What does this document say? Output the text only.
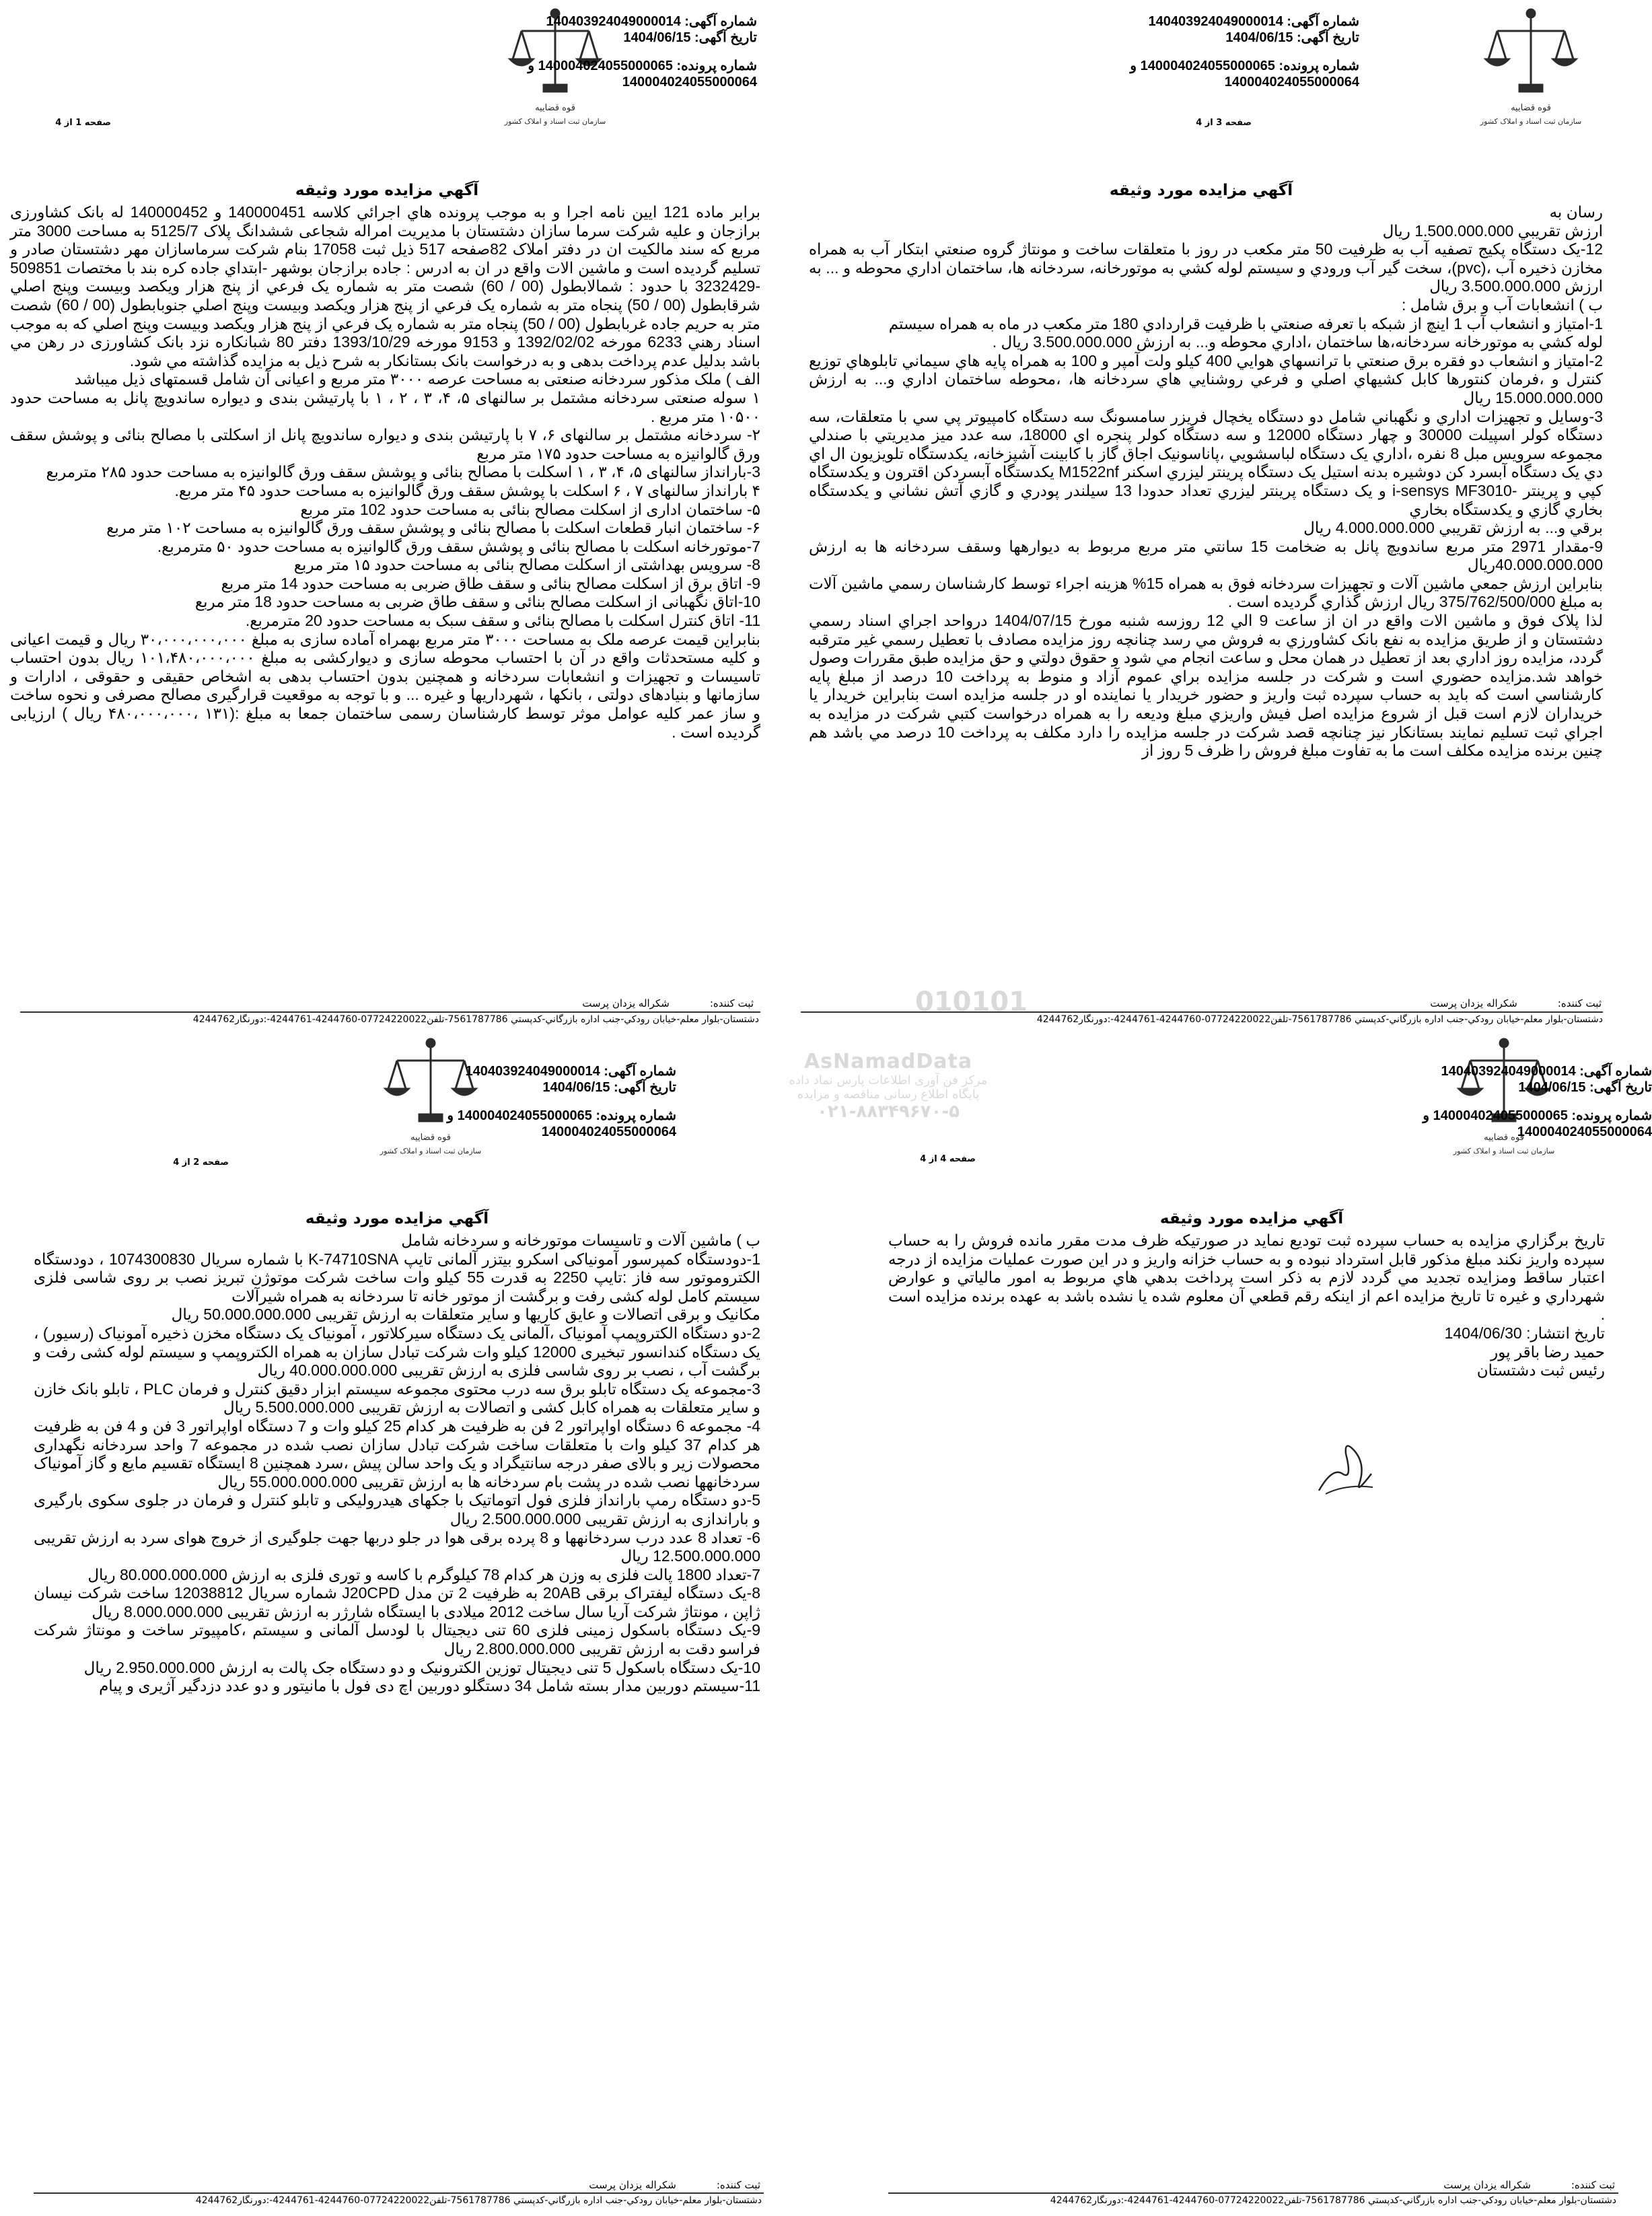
قوه قضاییه
سازمان ثبت اسناد و املاک کشور
شماره آگهی: 140403924049000014
تاریخ آگهی: 1404/06/15
شماره پرونده: 140004024055000065 و
140004024055000064
صفحه 3 از 4
آگهي مزايده مورد وثيقه

رسان به

ارزش تقريبي 1.500.000.000 ريال

12-يک دستگاه پکيج تصفيه آب به ظرفيت 50 متر مکعب در روز با متعلقات ساخت و مونتاژ گروه صنعتي ابتکار آب به همراه مخازن ذخيره آب ،(pvc)، سخت گير آب ورودي و سيستم لوله کشي به موتورخانه، سردخانه ها، ساختمان اداري محوطه و ... به ارزش 3.500.000.000 ريال

ب ) انشعابات آب و برق شامل :

1-امتياز و انشعاب آب 1 اينچ از شبکه با تعرفه صنعتي با ظرفيت قراردادي 180 متر مکعب در ماه به همراه سيستم

لوله کشي به موتورخانه سردخانه،ها ساختمان ،اداري محوطه و... به ارزش 3.500.000.000 ريال .

2-امتياز و انشعاب دو فقره برق صنعتي با ترانسهاي هوايي 400 کيلو ولت آمپر و 100 به همراه پايه هاي سيماني تابلوهاي توزيع کنترل و ،فرمان کنتورها کابل کشيهاي اصلي و فرعي روشنايي هاي سردخانه ها، ،محوطه ساختمان اداري و... به ارزش 15.000.000.000 ريال

3-وسايل و تجهيزات اداري و نگهباني شامل دو دستگاه يخچال فريزر سامسونگ سه دستگاه کامپيوتر پي سي با متعلقات، سه دستگاه کولر اسپيلت 30000 و چهار دستگاه 12000 و سه دستگاه کولر پنجره اي 18000، سه عدد ميز مديريتي با صندلي مجموعه سرويس مبل 8 نفره ،اداري يک دستگاه لباسشويي ،پاناسونيک اجاق گاز با کابينت آشپزخانه، يکدستگاه تلويزيون ال اي دي يک دستگاه آبسرد کن دوشيره بدنه استيل يک دستگاه پرينتر ليزري اسکنر M1522nf يکدستگاه آبسردکن اقترون و يکدستگاه کپي و پرينتر -i-sensys MF3010 و يک دستگاه پرينتر ليزري تعداد حدودا 13 سيلندر پودري و گازي آتش نشاني و يکدستگاه بخاري گازي و يکدستگاه بخاري

برقي و... به ارزش تقريبي 4.000.000.000 ريال

9-مقدار 2971 متر مربع ساندويچ پانل به ضخامت 15 سانتي متر مربع مربوط به ديوارهها وسقف سردخانه ها به ارزش 40.000.000.000ريال

بنابراين ارزش جمعي ماشين آلات و تجهيزات سردخانه فوق به همراه 15% هزينه اجراء توسط کارشناسان رسمي ماشين آلات به مبلغ 375/762/500/000 ريال ارزش گذاري گرديده است .

لذا پلاک فوق و ماشين الات واقع در ان از ساعت 9 الي 12 روزسه شنبه مورخ 1404/07/15 درواحد اجراي اسناد رسمي دشتستان و از طريق مزايده به نفع بانک کشاورزي به فروش مي رسد چنانچه روز مزايده مصادف با تعطيل رسمي غير مترقبه گردد، مزايده روز اداري بعد از تعطيل در همان محل و ساعت انجام مي شود و حقوق دولتي و حق مزايده طبق مقررات وصول خواهد شد.مزايده حضوري است و شرکت در جلسه مزايده براي عموم آزاد و منوط به پرداخت 10 درصد از مبلغ پايه کارشناسي است که بايد به حساب سپرده ثبت واريز و حضور خريدار يا نماينده او در جلسه مزايده است بنابراين خريدار يا خريداران لازم است قبل از شروع مزايده اصل فيش واريزي مبلغ ودیعه را به همراه درخواست کتبي شرکت در مزايده به اجراي ثبت تسليم نمايند بستانکار نيز چنانچه قصد شرکت در جلسه مزايده را دارد مکلف به پرداخت 10 درصد مي باشد هم چنين برنده مزايده مکلف است ما به تفاوت مبلغ فروش را ظرف 5 روز از

ثبت کننده:شکراله یزدان پرست
دشتستان-بلوار معلم-خیابان رودکي-جنب اداره بازرگاني-کدپستي 7561787786-تلفن07724220022-4244760-4244761-:دورنگار4244762
قوه قضاییه
سازمان ثبت اسناد و املاک کشور
شماره آگهی: 140403924049000014
تاریخ آگهی: 1404/06/15
شماره پرونده: 140004024055000065 و
140004024055000064
صفحه 1 از 4
آگهي مزايده مورد وثيقه

برابر ماده 121 ايين نامه اجرا و به موجب پرونده هاي اجرائي كلاسه 140000451 و 140000452 له بانک کشاورزی برازجان و علیه شرکت سرما سازان دشتستان با مدیریت امراله شجاعی ششدانگ پلاک 5125/7 به مساحت 3000 متر مربع كه سند مالكيت ان در دفتر املاک 82صفحه 517 ذيل ثبت 17058 بنام شرکت سرماسازان مهر دشتستان صادر و تسليم گرديده است و ماشين الات واقع در ان به ادرس : جاده برازجان بوشهر -ابتداي جاده كره بند با مختصات 509851 -3232429 با حدود : شمالابطول (00 / 60) شصت متر به شماره يک فرعي از پنج هزار ويکصد وبيست وپنج اصلي شرقابطول (00 / 50) پنجاه متر به شماره يک فرعي از پنج هزار ويکصد وبيست وپنج اصلي جنوبابطول (00 / 60) شصت متر به حريم جاده غربابطول (00 / 50) پنجاه متر به شماره يک فرعي از پنج هزار ويکصد وبيست وپنج اصلي که به موجب اسناد رهني 6233 مورخه 1392/02/02 و 9153 مورخه 1393/10/29 دفتر 80 شبانكاره نزد بانک کشاورزی در رهن مي باشد بدليل عدم پرداخت بدهی و به درخواست بانک بستانكار به شرح ذيل به مزايده گذاشته مي شود.

الف ) ملک مذکور سردخانه صنعتی به مساحت عرصه ۳۰۰۰ متر مربع و اعیانی آن شامل قسمتهای ذیل میباشد

۱ سوله صنعتی سردخانه مشتمل بر سالنهای ۵، ۴، ۳ ، ۲ ، ۱ با پارتیشن بندی و دیواره ساندویچ پانل به مساحت حدود ۱۰۵۰۰ متر مربع .

۲- سردخانه مشتمل بر سالنهای ۶، ۷ با پارتیشن بندی و دیواره ساندویچ پانل از اسکلتی با مصالح بنائی و پوشش سقف ورق گالوانیزه به مساحت حدود ۱۷۵ متر مربع

3-بارانداز سالنهای ۵، ۴، ۳ ، ۱ اسکلت با مصالح بنائی و پوشش سقف ورق گالوانیزه به مساحت حدود ۲۸۵ مترمربع

۴ بارانداز سالنهای ۷ ، ۶ اسکلت با پوشش سقف ورق گالوانیزه به مساحت حدود ۴۵ متر مربع.

۵- ساختمان اداری از اسکلت مصالح بنائی به مساحت حدود 102 متر مربع

۶- ساختمان انبار قطعات اسکلت با مصالح بنائی و پوشش سقف ورق گالوانیزه به مساحت ۱۰۲ متر مربع

7-موتورخانه اسکلت با مصالح بنائی و پوشش سقف ورق گالوانیزه به مساحت حدود ۵۰ مترمربع.

8- سرویس بهداشتی از اسکلت مصالح بنائی به مساحت حدود ۱۵ متر مربع

9- اتاق برق از اسکلت مصالح بنائی و سقف طاق ضربی به مساحت حدود 14 متر مربع

10-اتاق نگهبانی از اسکلت مصالح بنائی و سقف طاق ضربی به مساحت حدود 18 متر مربع

11- اتاق کنترل اسکلت با مصالح بنائی و سقف سبک به مساحت حدود 20 مترمربع.

بنابراین قیمت عرصه ملک به مساحت ۳۰۰۰ متر مربع بهمراه آماده سازی به مبلغ ۳۰،۰۰۰،۰۰۰،۰۰۰ ریال و قیمت اعیانی و کلیه مستحدثات واقع در آن با احتساب محوطه سازی و دیوارکشی به مبلغ ۱۰۱،۴۸۰،۰۰۰،۰۰۰ ریال بدون احتساب تاسیسات و تجهیزات و انشعابات سردخانه و همچنین بدون احتساب بدهی به اشخاص حقیقی و حقوقی ، ادارات و سازمانها و بنیادهای دولتی ، بانکها ، شهرداریها و غیره ... و با توجه به موقعیت قرارگیری مصالح مصرفی و نحوه ساخت و ساز عمر کلیه عوامل موثر توسط کارشناسان رسمی ساختمان جمعا به مبلغ :(۱۳۱ ،۴۸۰،۰۰۰،۰۰۰ ریال ) ارزیابی گردیده است .

ثبت کننده:شکراله یزدان پرست
دشتستان-بلوار معلم-خیابان رودکي-جنب اداره بازرگاني-کدپستي 7561787786-تلفن07724220022-4244760-4244761-:دورنگار4244762
قوه قضاییه
سازمان ثبت اسناد و املاک کشور
شماره آگهی: 140403924049000014
تاریخ آگهی: 1404/06/15
شماره پرونده: 140004024055000065 و
140004024055000064
صفحه 4 از 4
آگهي مزايده مورد وثيقه

تاريخ برگزاري مزايده به حساب سپرده ثبت توديع نمايد در صورتيکه ظرف مدت مقرر مانده فروش را به حساب سپرده واريز نکند مبلغ مذکور قابل استرداد نبوده و به حساب خزانه واريز و در اين صورت عمليات مزايده از درجه اعتبار ساقط ومزايده تجديد مي گردد لازم به ذکر است پرداخت بدهي هاي مربوط به امور مالياتي و عوارض شهرداري و غيره تا تاريخ مزايده اعم از اينکه رقم قطعي آن معلوم شده يا نشده باشد به عهده برنده مزايده است .

تاريخ انتشار: 1404/06/30

حميد رضا باقر پور

رئيس ثبت دشتستان

ثبت کننده:شکراله یزدان پرست
دشتستان-بلوار معلم-خیابان رودکي-جنب اداره بازرگاني-کدپستي 7561787786-تلفن07724220022-4244760-4244761-:دورنگار4244762
قوه قضاییه
سازمان ثبت اسناد و املاک کشور
شماره آگهی: 140403924049000014
تاریخ آگهی: 1404/06/15
شماره پرونده: 140004024055000065 و
140004024055000064
صفحه 2 از 4
آگهي مزايده مورد وثيقه

ب ) ماشین آلات و تاسیسات موتورخانه و سردخانه شامل

1-دودستگاه کمپرسور آمونیاکی اسکرو بیتزر آلمانی تایپ K-74710SNA با شماره سریال 1074300830 ، دودستگاه الکتروموتور سه فاز :تایپ 2250 به قدرت 55 کیلو وات ساخت شرکت موتوژن تبریز نصب بر روی شاسی فلزی سیستم کامل لوله کشی رفت و برگشت از موتور خانه تا سردخانه به همراه شیرآلات

مکانیک و برقی اتصالات و عایق کاریها و سایر متعلقات به ارزش تقریبی 50.000.000.000 ریال

2-دو دستگاه الکتروپمپ آمونیاک ،آلمانی یک دستگاه سیرکلاتور ، آمونیاک یک دستگاه مخزن ذخیره آمونیاک (رسیور) ، یک دستگاه کندانسور تبخیری 12000 کیلو وات شرکت تبادل سازان به همراه الکتروپمپ و سیستم لوله کشی رفت و برگشت آب ، نصب بر روی شاسی فلزی به ارزش تقریبی 40.000.000.000 ریال

3-مجموعه یک دستگاه تابلو برق سه درب محتوی مجموعه سیستم ابزار دقیق کنترل و فرمان PLC ، تابلو بانک خازن و سایر متعلقات به همراه کابل کشی و اتصالات به ارزش تقریبی 5.500.000.000 ریال

4- مجموعه 6 دستگاه اواپراتور 2 فن به ظرفیت هر کدام 25 کیلو وات و 7 دستگاه اواپراتور 3 فن و 4 فن به ظرفیت هر کدام 37 کیلو وات با متعلقات ساخت شرکت تبادل سازان نصب شده در مجموعه 7 واحد سردخانه نگهداری محصولات زیر و بالای صفر درجه سانتیگراد و یک واحد سالن پیش ،سرد همچنین 8 ایستگاه تقسیم مایع و گاز آمونیاک سردخانهها نصب شده در پشت بام سردخانه ها به ارزش تقریبی 55.000.000.000 ریال

5-دو دستگاه رمپ بارانداز فلزی فول اتوماتیک با جکهای هیدرولیکی و تابلو کنترل و فرمان در جلوی سکوی بارگیری و باراندازی به ارزش تقریبی 2.500.000.000 ریال

6- تعداد 8 عدد درب سردخانهها و 8 پرده برقی هوا در جلو دربها جهت جلوگیری از خروج هوای سرد به ارزش تقریبی 12.500.000.000 ریال

7-تعداد 1800 پالت فلزی به وزن هر کدام 78 کیلوگرم با کاسه و توری فلزی به ارزش 80.000.000.000 ریال

8-یک دستگاه لیفتراک برقی 20AB به ظرفیت 2 تن مدل J20CPD شماره سریال 12038812 ساخت شرکت نیسان ژاپن ، مونتاژ شرکت آریا سال ساخت 2012 میلادی با ایستگاه شارژر به ارزش تقریبی 8.000.000.000 ریال

9-یک دستگاه باسکول زمینی فلزی 60 تنی دیجیتال با لودسل آلمانی و سیستم ،کامپیوتر ساخت و مونتاژ شرکت فراسو دقت به ارزش تقریبی 2.800.000.000 ریال

10-یک دستگاه باسکول 5 تنی دیجیتال توزین الکترونیک و دو دستگاه جک پالت به ارزش 2.950.000.000 ریال

11-سیستم دوربین مدار بسته شامل 34 دستگلو دوربین اچ دی فول با مانیتور و دو عدد دزدگیر آژیری و پیام

ثبت کننده:شکراله یزدان پرست
دشتستان-بلوار معلم-خیابان رودکي-جنب اداره بازرگاني-کدپستي 7561787786-تلفن07724220022-4244760-4244761-:دورنگار4244762
010101
AsNamadData
مرکز فن آوری اطلاعات پارس نماد داده
پایگاه اطلاع رسانی مناقصه و مزایده
۰۲۱-۸۸۳۴۹۶۷۰-۵
